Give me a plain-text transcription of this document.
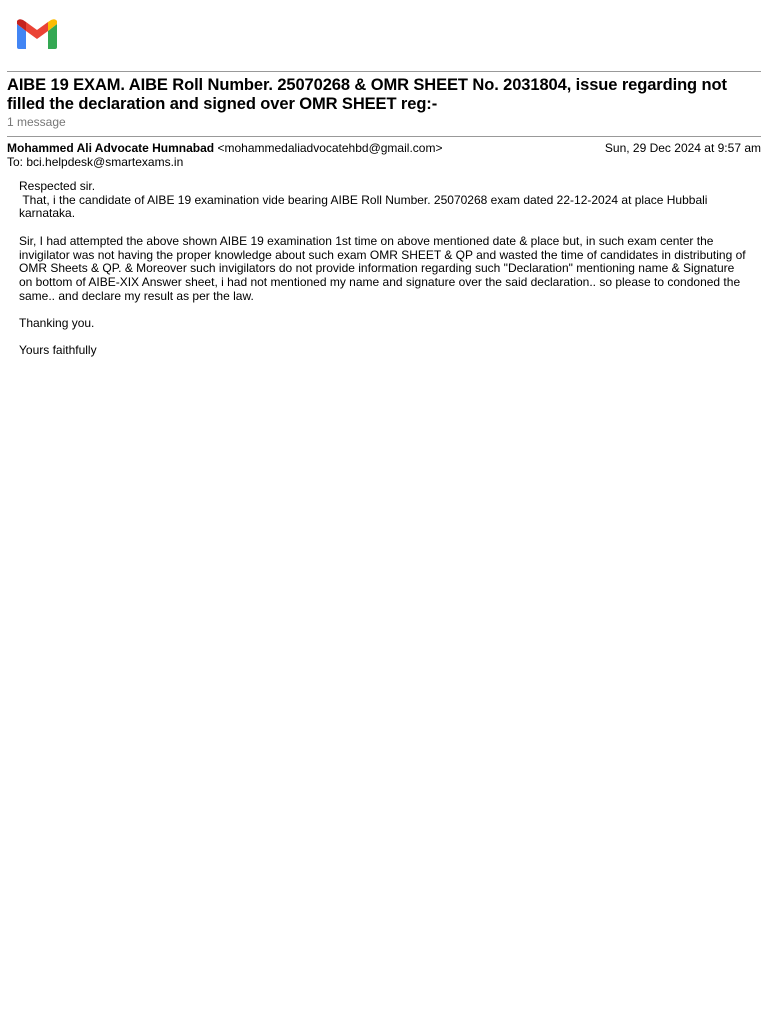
AIBE 19 EXAM. AIBE Roll Number. 25070268 & OMR SHEET No. 2031804, issue regarding not filled the declaration and signed over OMR SHEET reg:-
1 message
Mohammed Ali Advocate Humnabad <mohammedaliadvocatehbd@gmail.com>	Sun, 29 Dec 2024 at 9:57 am
To: bci.helpdesk@smartexams.in

Respected sir.

That, i the candidate of AIBE 19 examination vide bearing AIBE Roll Number. 25070268 exam dated 22-12-2024 at place Hubbali karnataka.

Sir, I had attempted the above shown AIBE 19 examination 1st time on above mentioned date & place but, in such exam center the invigilator was not having the proper knowledge about such exam OMR SHEET & QP and wasted the time of candidates in distributing of OMR Sheets & QP. & Moreover such invigilators do not provide information regarding such "Declaration" mentioning name & Signature on bottom of AIBE-XIX Answer sheet, i had not mentioned my name and signature over the said declaration.. so please to condoned the same.. and declare my result as per the law.

Thanking you.

Yours faithfully
